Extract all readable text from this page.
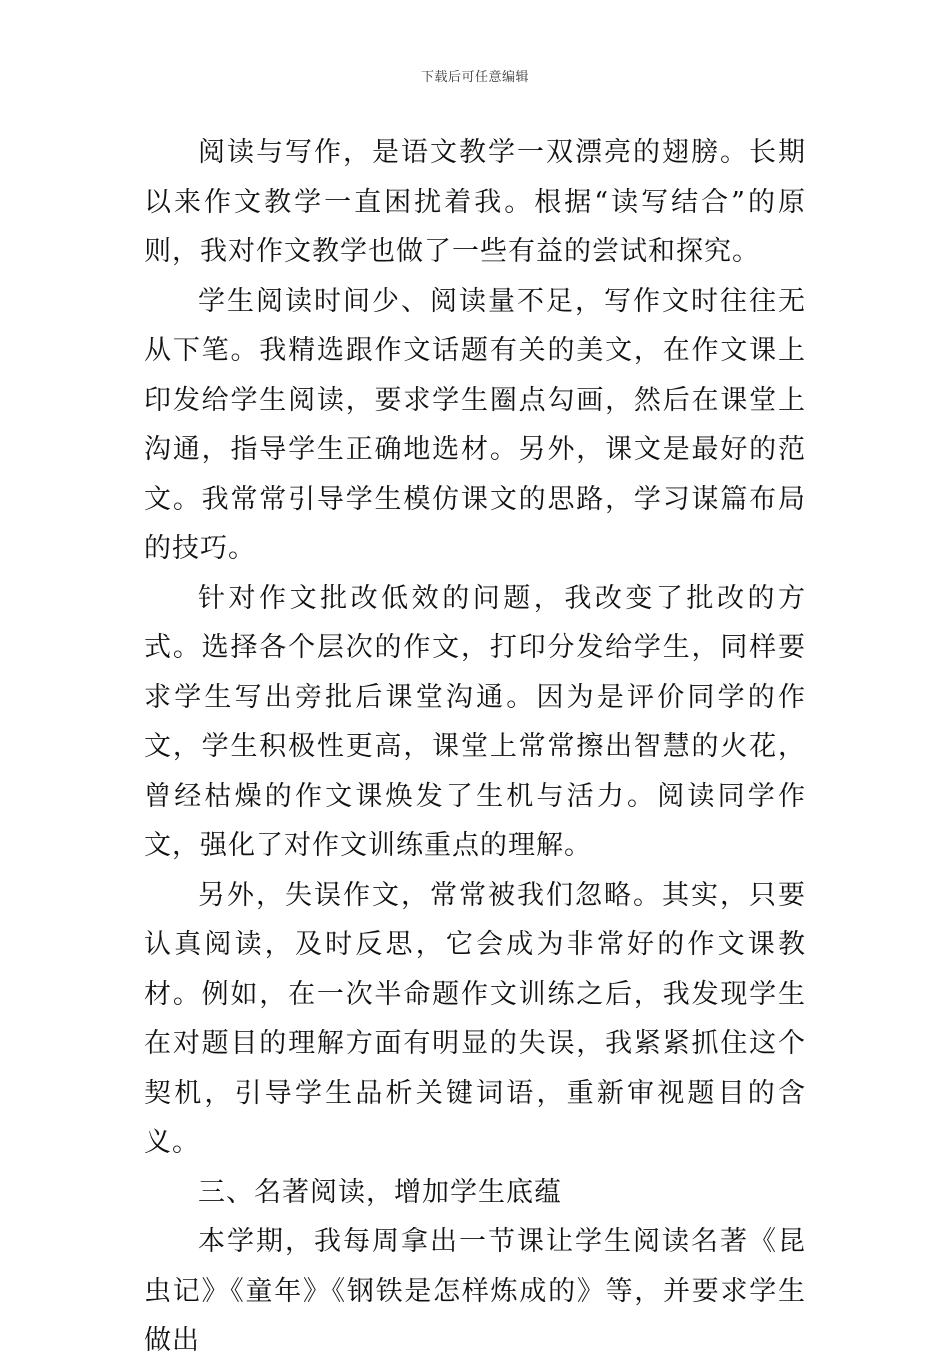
下载后可任意编辑

阅读与写作，是语文教学一双漂亮的翅膀。长期以来作文教学一直困扰着我。根据“读写结合”的原则，我对作文教学也做了一些有益的尝试和探究。

学生阅读时间少、阅读量不足，写作文时往往无从下笔。我精选跟作文话题有关的美文，在作文课上印发给学生阅读，要求学生圈点勾画，然后在课堂上沟通，指导学生正确地选材。另外，课文是最好的范文。我常常引导学生模仿课文的思路，学习谋篇布局的技巧。

针对作文批改低效的问题，我改变了批改的方式。选择各个层次的作文，打印分发给学生，同样要求学生写出旁批后课堂沟通。因为是评价同学的作文，学生积极性更高，课堂上常常擦出智慧的火花，曾经枯燥的作文课焕发了生机与活力。阅读同学作文，强化了对作文训练重点的理解。

另外，失误作文，常常被我们忽略。其实，只要认真阅读，及时反思，它会成为非常好的作文课教材。例如，在一次半命题作文训练之后，我发现学生在对题目的理解方面有明显的失误，我紧紧抓住这个契机，引导学生品析关键词语，重新审视题目的含义。

三、名著阅读，增加学生底蕴

本学期，我每周拿出一节课让学生阅读名著《昆虫记》《童年》《钢铁是怎样炼成的》等，并要求学生做出
